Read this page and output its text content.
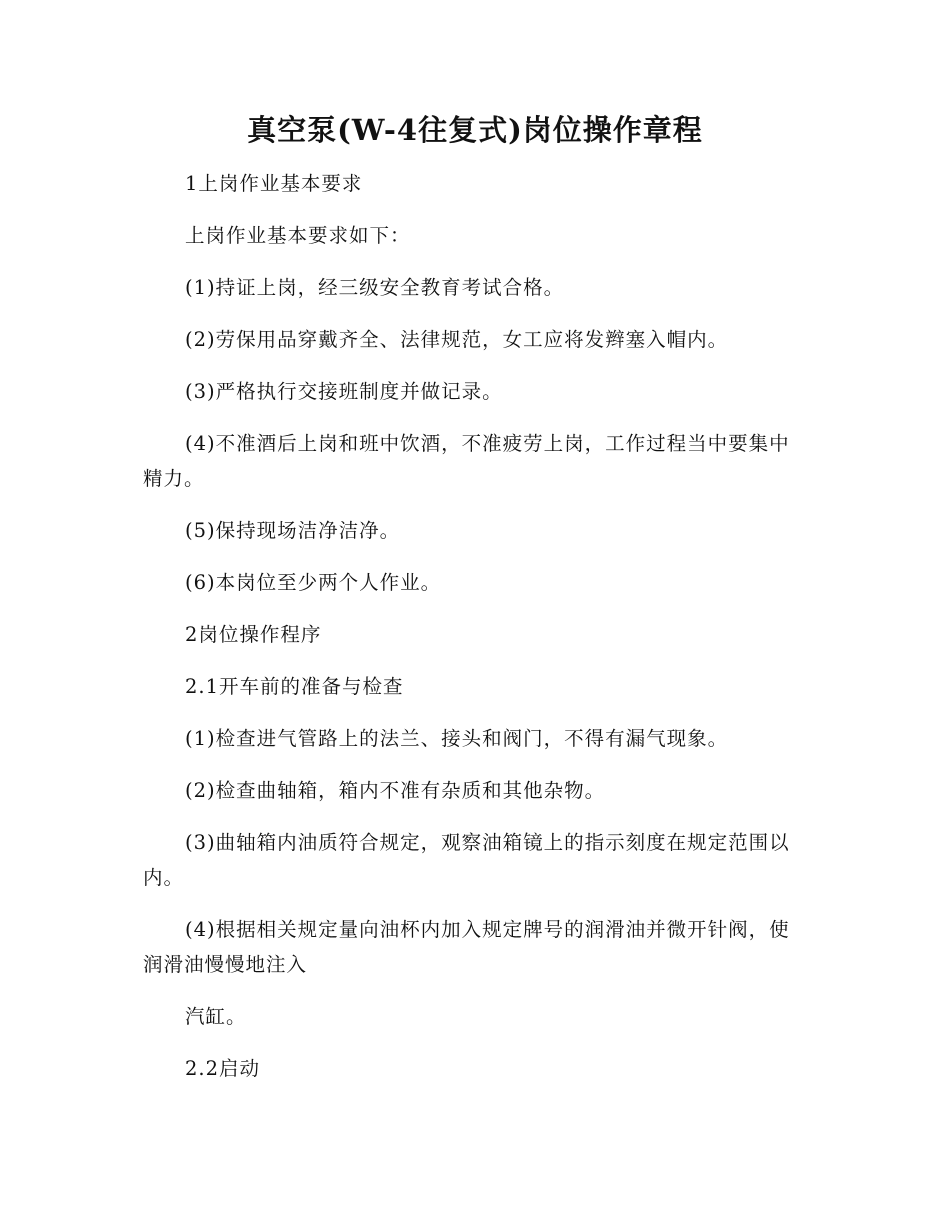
真空泵(W-4往复式)岗位操作章程

1上岗作业基本要求

上岗作业基本要求如下：

(1)持证上岗，经三级安全教育考试合格。

(2)劳保用品穿戴齐全、法律规范，女工应将发辫塞入帽内。

(3)严格执行交接班制度并做记录。

(4)不准酒后上岗和班中饮酒，不准疲劳上岗，工作过程当中要集中精力。

(5)保持现场洁净洁净。

(6)本岗位至少两个人作业。

2岗位操作程序

2.1开车前的准备与检查

(1)检查进气管路上的法兰、接头和阀门，不得有漏气现象。

(2)检查曲轴箱，箱内不准有杂质和其他杂物。

(3)曲轴箱内油质符合规定，观察油箱镜上的指示刻度在规定范围以内。

(4)根据相关规定量向油杯内加入规定牌号的润滑油并微开针阀，使润滑油慢慢地注入

汽缸。

2.2启动
